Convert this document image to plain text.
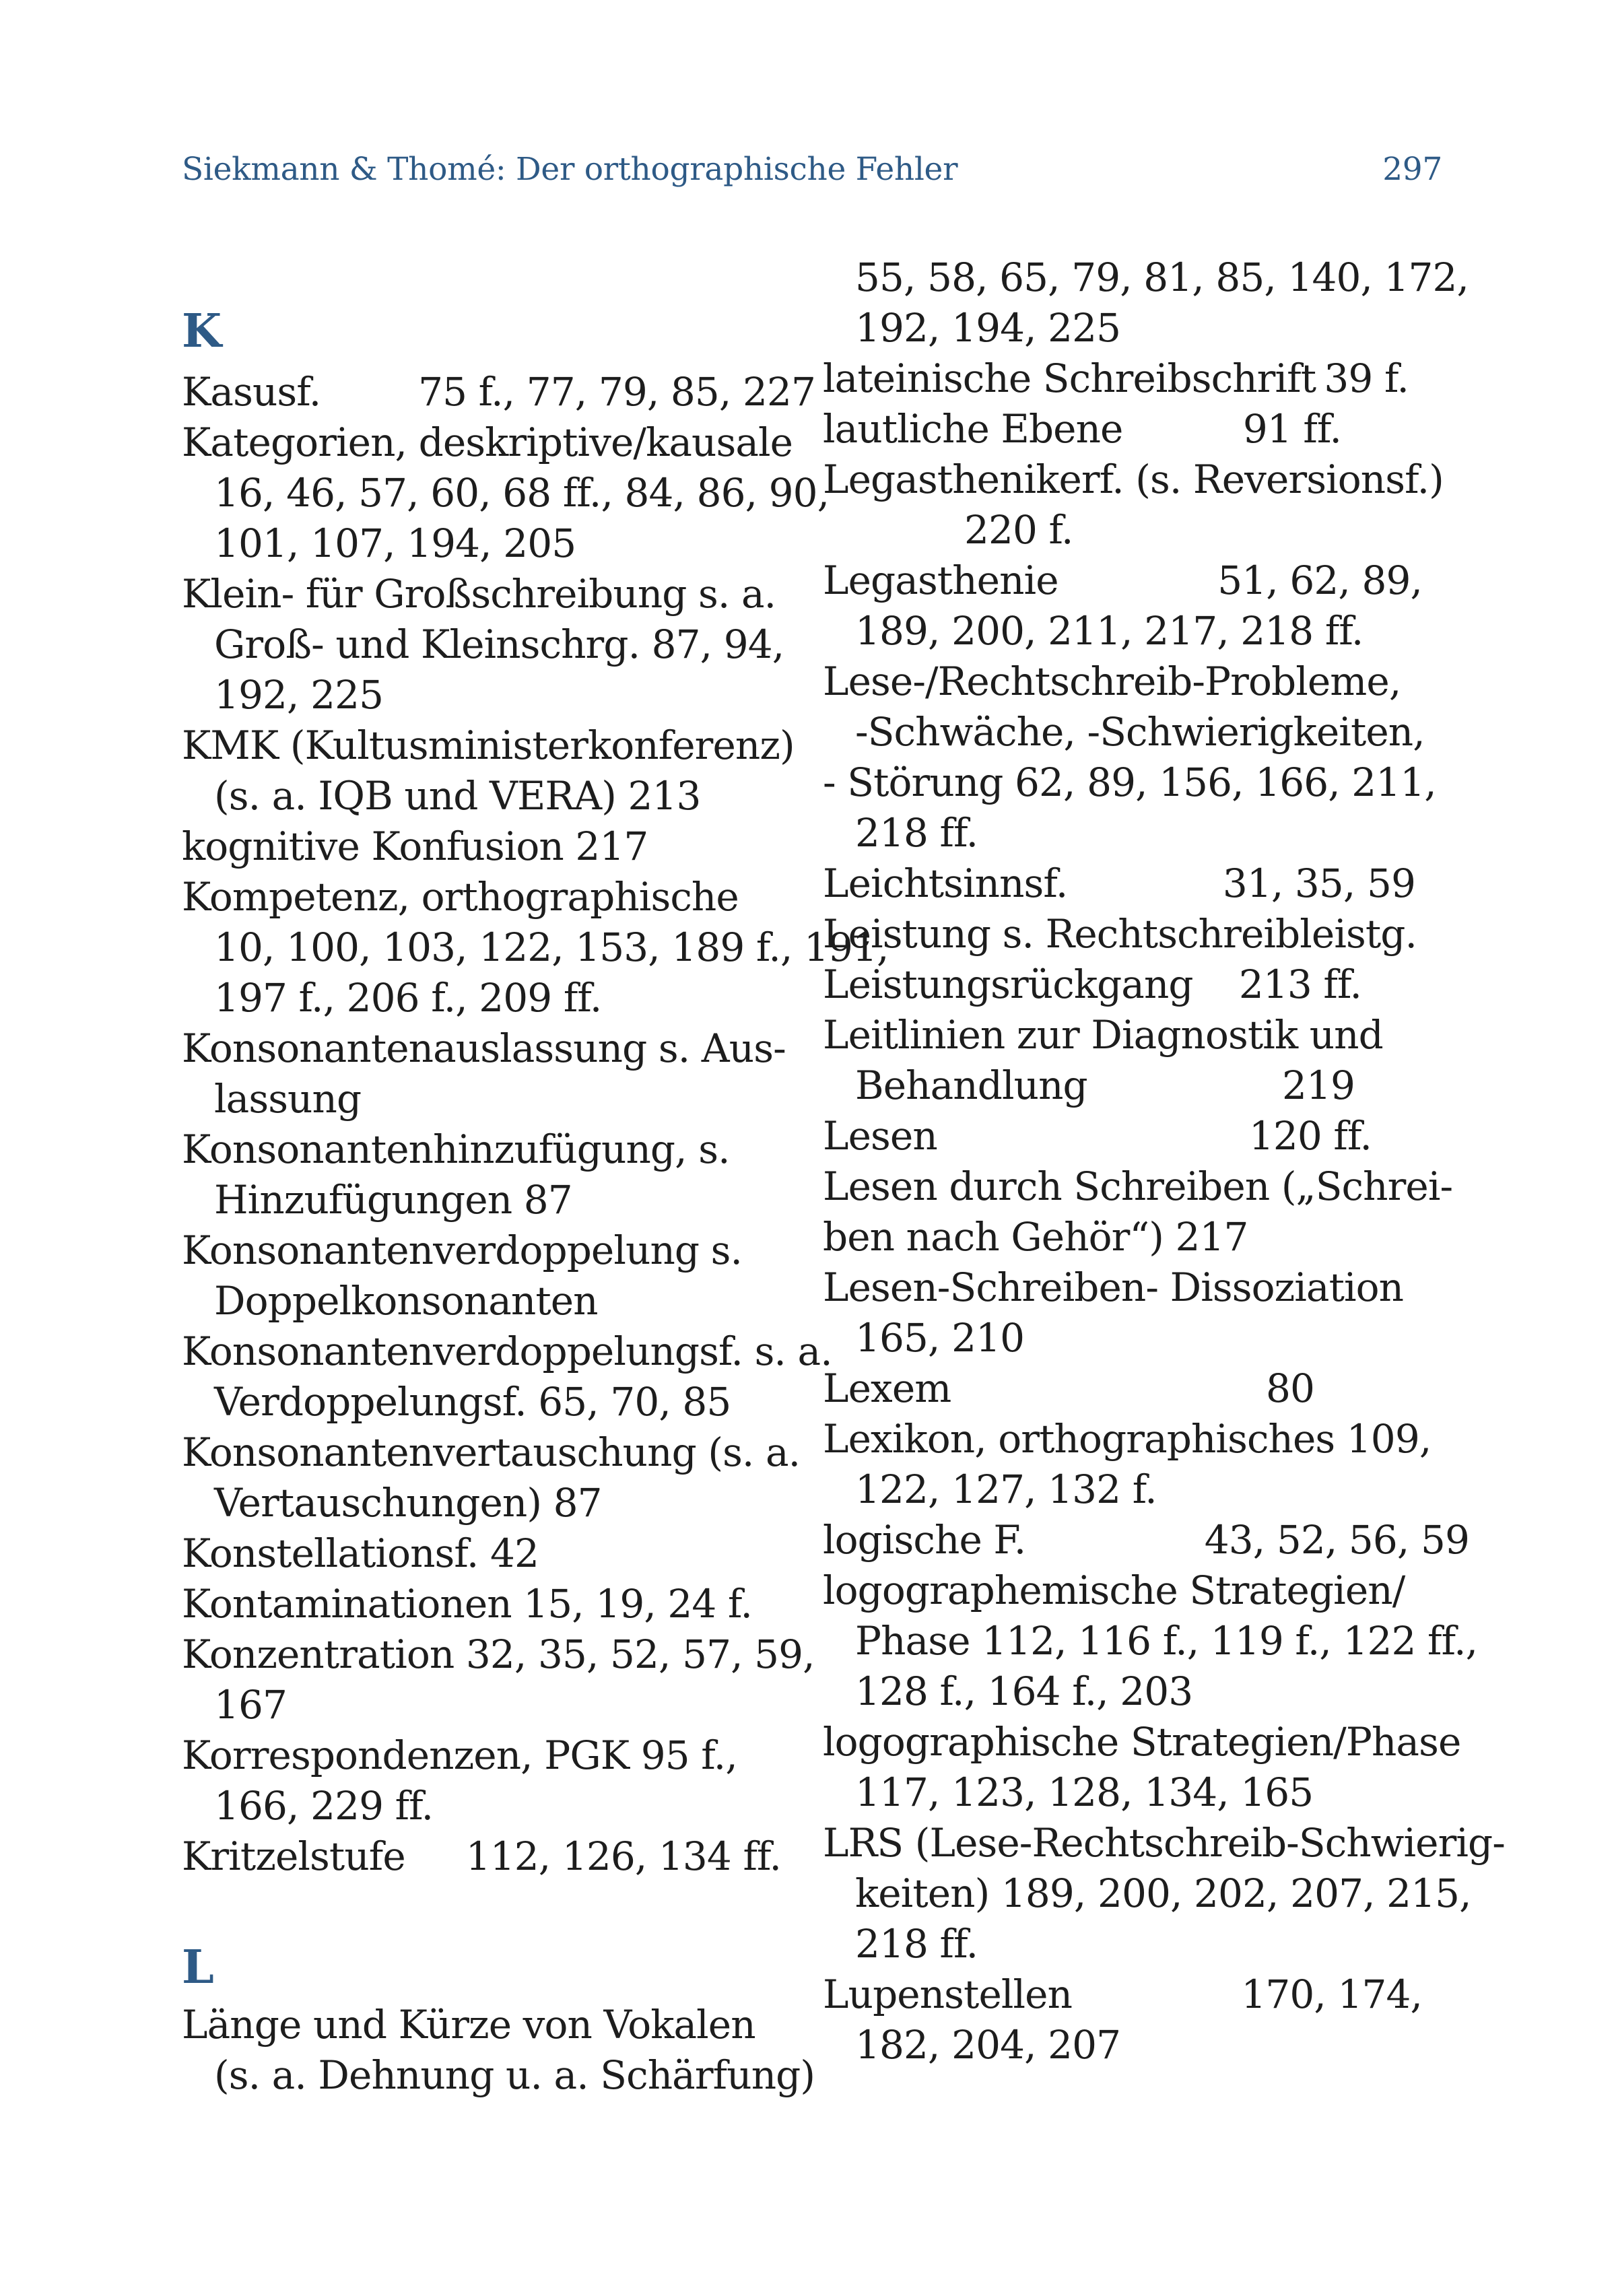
Siekmann & Thomé: Der orthographische Fehler	297
K
Kasusf. 75 f., 77, 79, 85, 227
Kategorien, deskriptive/kausale
16, 46, 57, 60, 68 ff., 84, 86, 90,
101, 107, 194, 205
Klein- für Großschreibung s. a.
Groß- und Kleinschrg. 87, 94,
192, 225
KMK (Kultusministerkonferenz)
(s. a. IQB und VERA) 213
kognitive Konfusion 217
Kompetenz, orthographische
10, 100, 103, 122, 153, 189 f., 191,
197 f., 206 f., 209 ff.
Konsonantenauslassung s. Aus-
lassung
Konsonantenhinzufügung, s.
Hinzufügungen 87
Konsonantenverdoppelung s.
Doppelkonsonanten
Konsonantenverdoppelungsf. s. a.
Verdoppelungsf. 65, 70, 85
Konsonantenvertauschung (s. a.
Vertauschungen) 87
Konstellationsf. 42
Kontaminationen 15, 19, 24 f.
Konzentration 32, 35, 52, 57, 59,
167
Korrespondenzen, PGK 95 f.,
166, 229 ff.
Kritzelstufe 112, 126, 134 ff.
L
Länge und Kürze von Vokalen
(s. a. Dehnung u. a. Schärfung)
55, 58, 65, 79, 81, 85, 140, 172,
192, 194, 225
lateinische Schreibschrift 39 f.
lautliche Ebene	91 ff.
Legasthenikerf. (s. Reversionsf.)
220 f.
Legasthenie	51, 62, 89,
189, 200, 211, 217, 218 ff.
Lese-/Rechtschreib-Probleme,
-Schwäche, -Schwierigkeiten,
- Störung 62, 89, 156, 166, 211,
218 ff.
Leichtsinnsf.	31, 35, 59
Leistung s. Rechtschreibleistg.
Leistungsrückgang 213 ff.
Leitlinien zur Diagnostik und
Behandlung	219
Lesen	120 ff.
Lesen durch Schreiben („Schrei-
ben nach Gehör“) 217
Lesen-Schreiben- Dissoziation
165, 210
Lexem	80
Lexikon, orthographisches 109,
122, 127, 132 f.
logische F.	43, 52, 56, 59
logographemische Strategien/
Phase 112, 116 f., 119 f., 122 ff.,
128 f., 164 f., 203
logographische Strategien/Phase
117, 123, 128, 134, 165
LRS (Lese-Rechtschreib-Schwierig-
keiten) 189, 200, 202, 207, 215,
218 ff.
Lupenstellen	170, 174,
182, 204, 207
